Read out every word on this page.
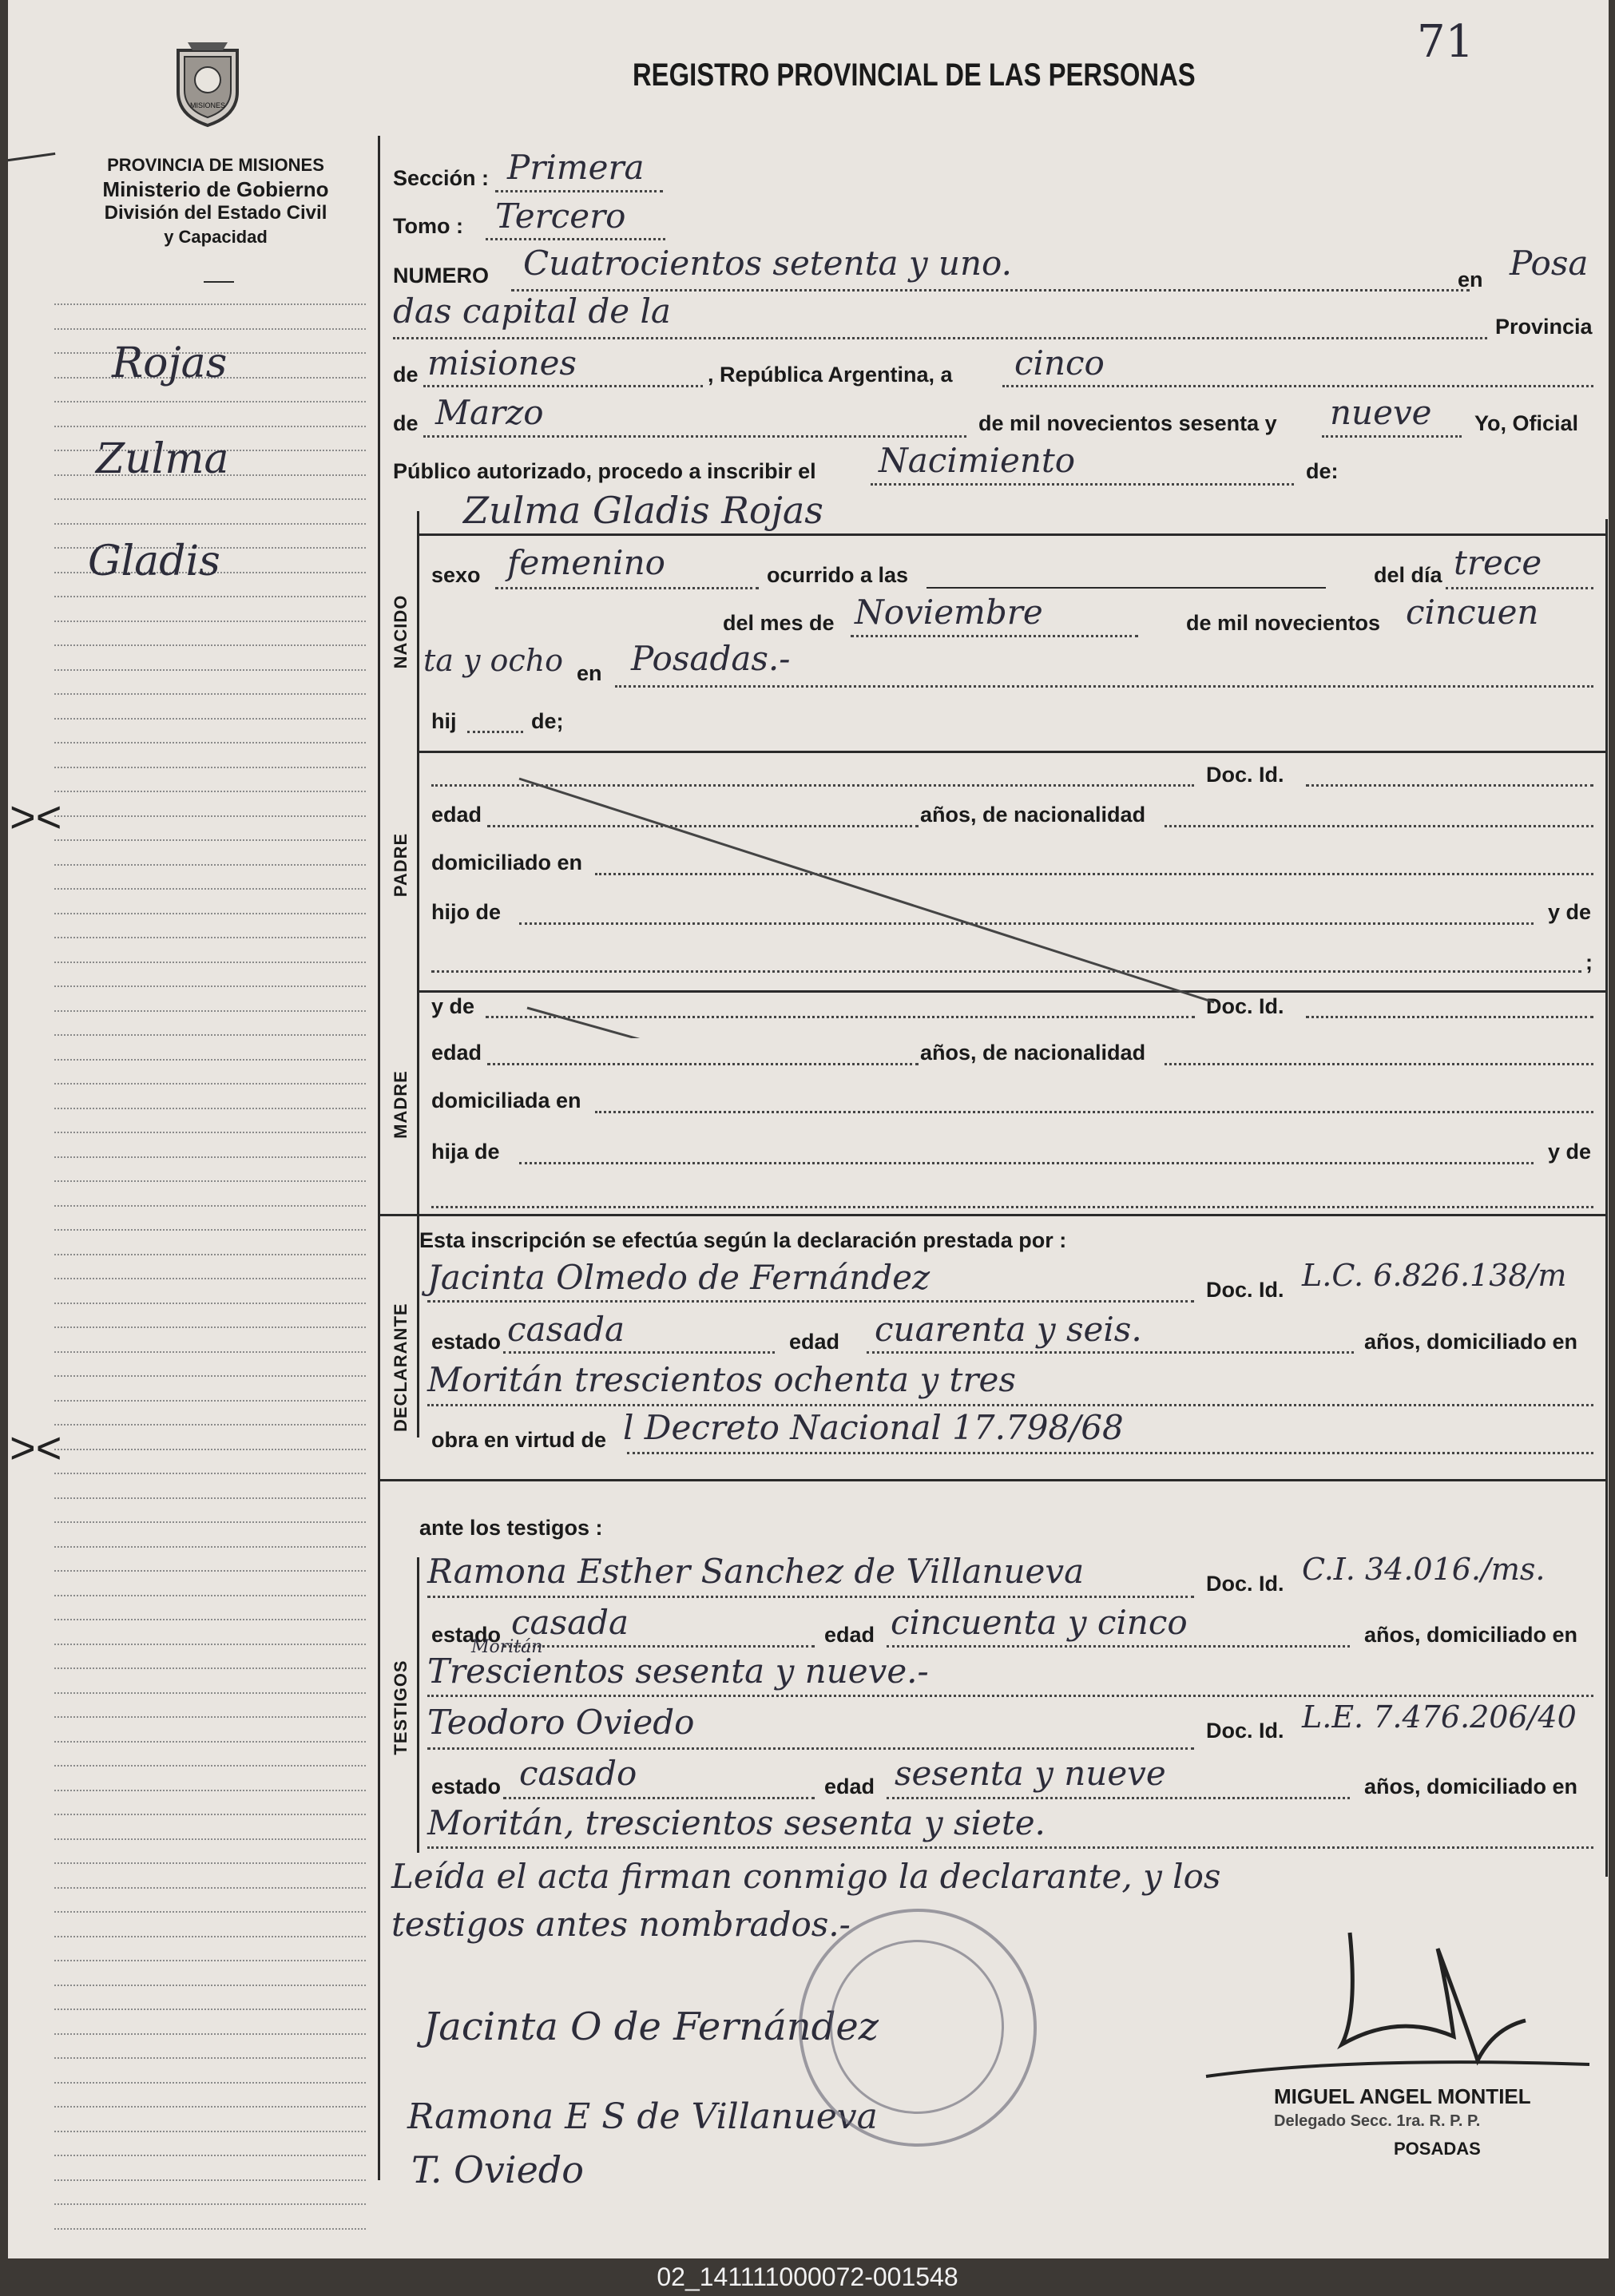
><
><
MISIONES
PROVINCIA DE MISIONES
Ministerio de Gobierno
División del Estado Civil
y Capacidad
REGISTRO PROVINCIAL DE LAS PERSONAS
71
Rojas
Zulma
Gladis
Sección : Primera
Tomo : Tercero
NUMERO Cuatrocientos setenta y uno.	en Posa
das capital de la	Provincia
de misiones	, República Argentina, a cinco
de Marzo	de mil novecientos sesenta y nueve Yo, Oficial
Público autorizado, procedo a inscribir el Nacimiento	de:
Zulma Gladis Rojas
NACIDO
sexo femenino	ocurrido a las	del día trece
del mes de Noviembre	de mil novecientos cincuen
ta y ocho en Posadas.-
hij	de;
Doc. Id.
PADRE
edad	años, de nacionalidad
domiciliado en
hijo de	y de
;
y de	Doc. Id.
MADRE
edad	años, de nacionalidad
domiciliada en
hija de	y de
Esta inscripción se efectúa según la declaración prestada por :
Jacinta Olmedo de Fernández	Doc. Id. L.C. 6.826.138/m
DECLARANTE estado casada	edad cuarenta y seis.	años, domiciliado en
Moritán trescientos ochenta y tres
obra en virtud de l Decreto Nacional 17.798/68
ante los testigos :
Ramona Esther Sanchez de Villanueva	Doc. Id. C.I. 34.016./ms.
TESTIGOS
estado casada	edad cincuenta y cinco	años, domiciliado en
Moritán
Trescientos sesenta y nueve.-
Teodoro Oviedo	Doc. Id. L.E. 7.476.206/40
estado casado	edad sesenta y nueve	años, domiciliado en
Moritán, trescientos sesenta y siete.
Leída el acta firman conmigo la declarante, y los
testigos antes nombrados.-
Jacinta O de Fernández
Ramona E S de Villanueva
T. Oviedo
MIGUEL ANGEL MONTIEL
Delegado Secc. 1ra. R. P. P.
POSADAS
02_141111000072-001548
